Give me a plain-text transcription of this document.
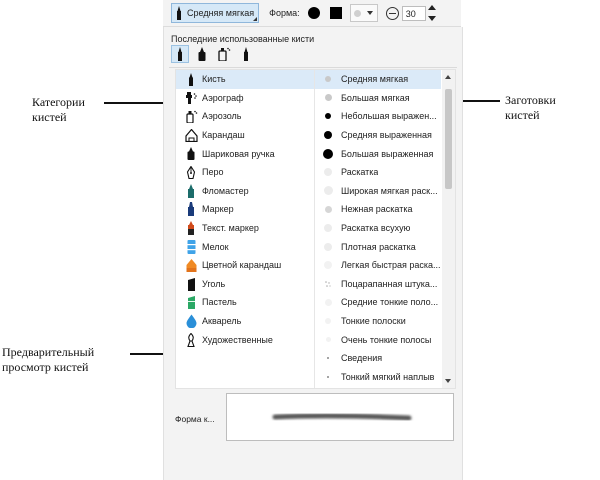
Категории
кистей
Заготовки
кистей
Предварительный
просмотр кистей
Средняя мягкая Форма:	30
Последние использованные кисти
Кисть
Аэрограф
Аэрозоль
Карандаш
Шариковая ручка
Перо
Фломастер
Маркер
Текст. маркер
Мелок
Цветной карандаш
Уголь
Пастель
Акварель
Художественные
Средняя мягкая
Большая мягкая
Небольшая выражен...
Средняя выраженная
Большая выраженная
Раскатка
Широкая мягкая раск...
Нежная раскатка
Раскатка всухую
Плотная раскатка
Легкая быстрая раска...
Поцарапанная штука...
Средние тонкие поло...
Тонкие полоски
Очень тонкие полосы
Сведения
Тонкий мягкий наплыв
Форма к...
